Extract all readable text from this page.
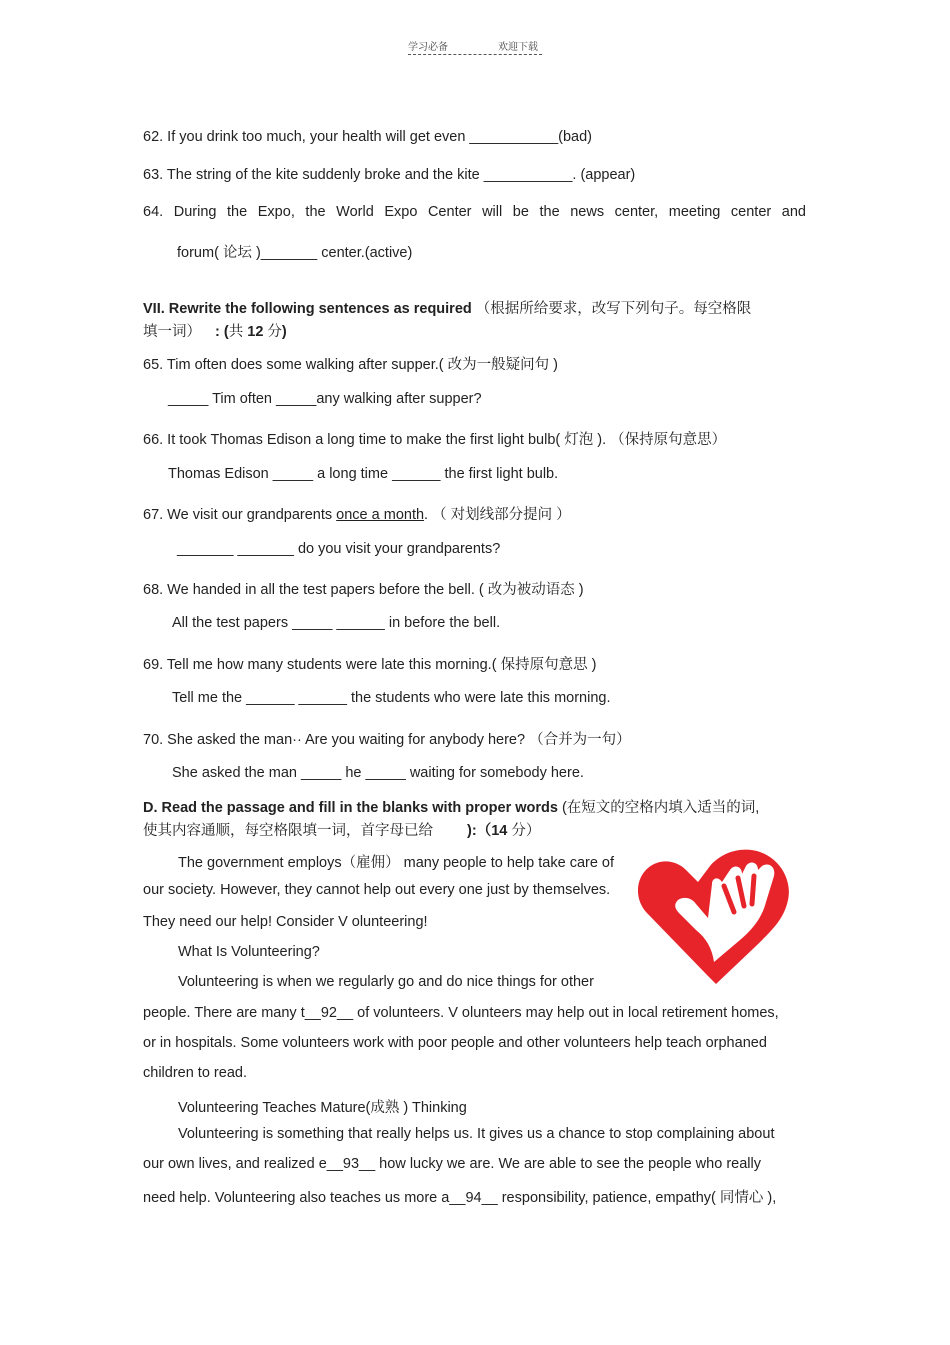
学习必备	欢迎下载
62. If you drink too much, your health will get even ___________(bad)
63. The string of the kite suddenly broke and the kite ___________. (appear)
64. During the Expo, the World Expo Center will be the news center, meeting center and
forum( 论坛 )_______ center.(active)
VII. Rewrite the following sentences as required （根据所给要求，改写下列句子。每空格限
填一词） : (共 12 分)
65. Tim often does some walking after supper.( 改为一般疑问句 )
_____ Tim often _____any walking after supper?
66. It took Thomas Edison a long time to make the first light bulb( 灯泡 ). （保持原句意思）
Thomas Edison _____ a long time ______ the first light bulb.
67. We visit our grandparents once a month. （ 对划线部分提问 ）
_______ _______ do you visit your grandparents?
68. We handed in all the test papers before the bell. ( 改为被动语态 )
All the test papers _____ ______ in before the bell.
69. Tell me how many students were late this morning.( 保持原句意思 )
Tell me the ______ ______ the students who were late this morning.
70. She asked the man·· Are you waiting for anybody here? （合并为一句）
She asked the man _____ he _____ waiting for somebody here.
D. Read the passage and fill in the blanks with proper words (在短文的空格内填入适当的词,
使其内容通顺，每空格限填一词，首字母已给 ):（14 分）
The government employs（雇佣） many people to help take care of
our society. However, they cannot help out every one just by themselves.
They need our help! Consider V olunteering!
What Is Volunteering?
Volunteering is when we regularly go and do nice things for other
people. There are many t__92__ of volunteers. V olunteers may help out in local retirement homes,
or in hospitals. Some volunteers work with poor people and other volunteers help teach orphaned
children to read.
Volunteering Teaches Mature(成熟 ) Thinking
Volunteering is something that really helps us. It gives us a chance to stop complaining about
our own lives, and realized e__93__ how lucky we are. We are able to see the people who really
need help. Volunteering also teaches us more a__94__ responsibility, patience, empathy( 同情心 ),
